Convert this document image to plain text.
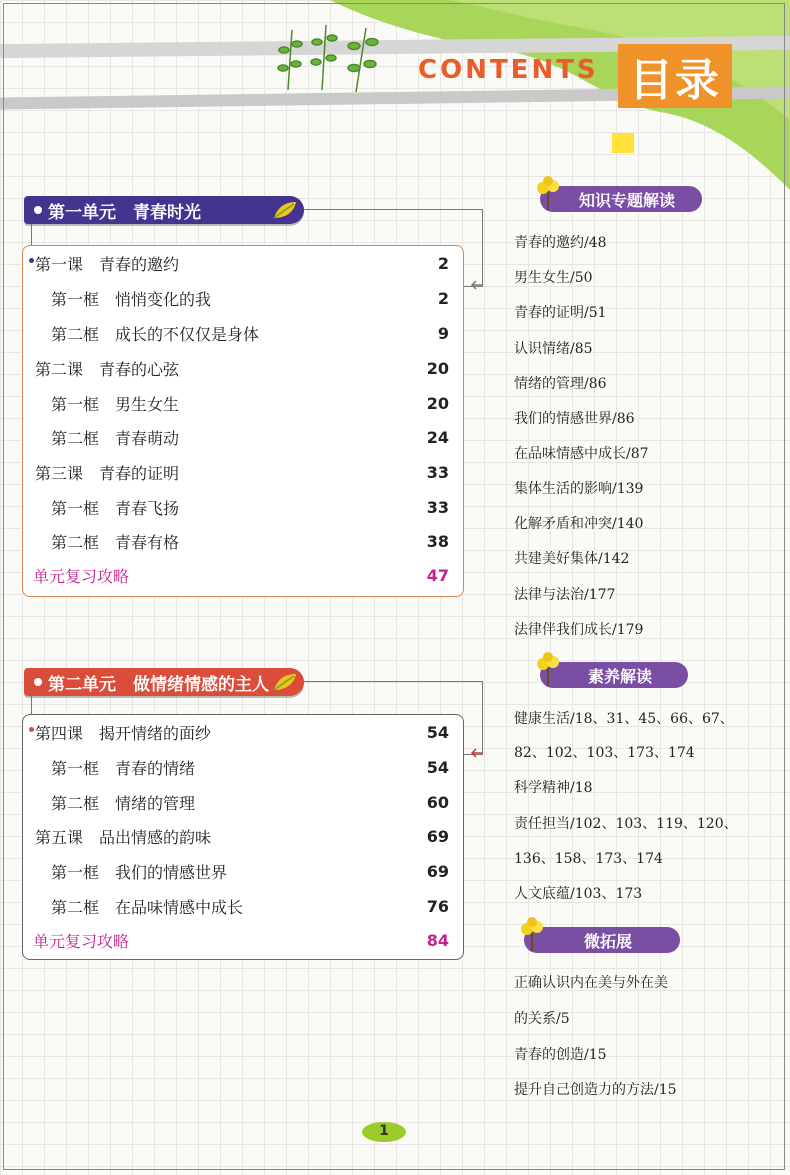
CONTENTS 目录
第一单元　青春时光
第一课　青春的邀约	2
第一框　悄悄变化的我	2
第二框　成长的不仅仅是身体	9
第二课　青春的心弦	20
第一框　男生女生	20
第二框　青春萌动	24
第三课　青春的证明	33
第一框　青春飞扬	33
第二框　青春有格	38
单元复习攻略	47
第二单元　做情绪情感的主人
第四课　揭开情绪的面纱	54
第一框　青春的情绪	54
第二框　情绪的管理	60
第五课　品出情感的韵味	69
第一框　我们的情感世界	69
第二框　在品味情感中成长	76
单元复习攻略	84
知识专题解读
青春的邀约/48
男生女生/50
青春的证明/51
认识情绪/85
情绪的管理/86
我们的情感世界/86
在品味情感中成长/87
集体生活的影响/139
化解矛盾和冲突/140
共建美好集体/142
法律与法治/177
法律伴我们成长/179
素养解读
健康生活/18、31、45、66、67、
82、102、103、173、174
科学精神/18
责任担当/102、103、119、120、
136、158、173、174
人文底蕴/103、173
微拓展
正确认识内在美与外在美
的关系/5
青春的创造/15
提升自己创造力的方法/15
1
